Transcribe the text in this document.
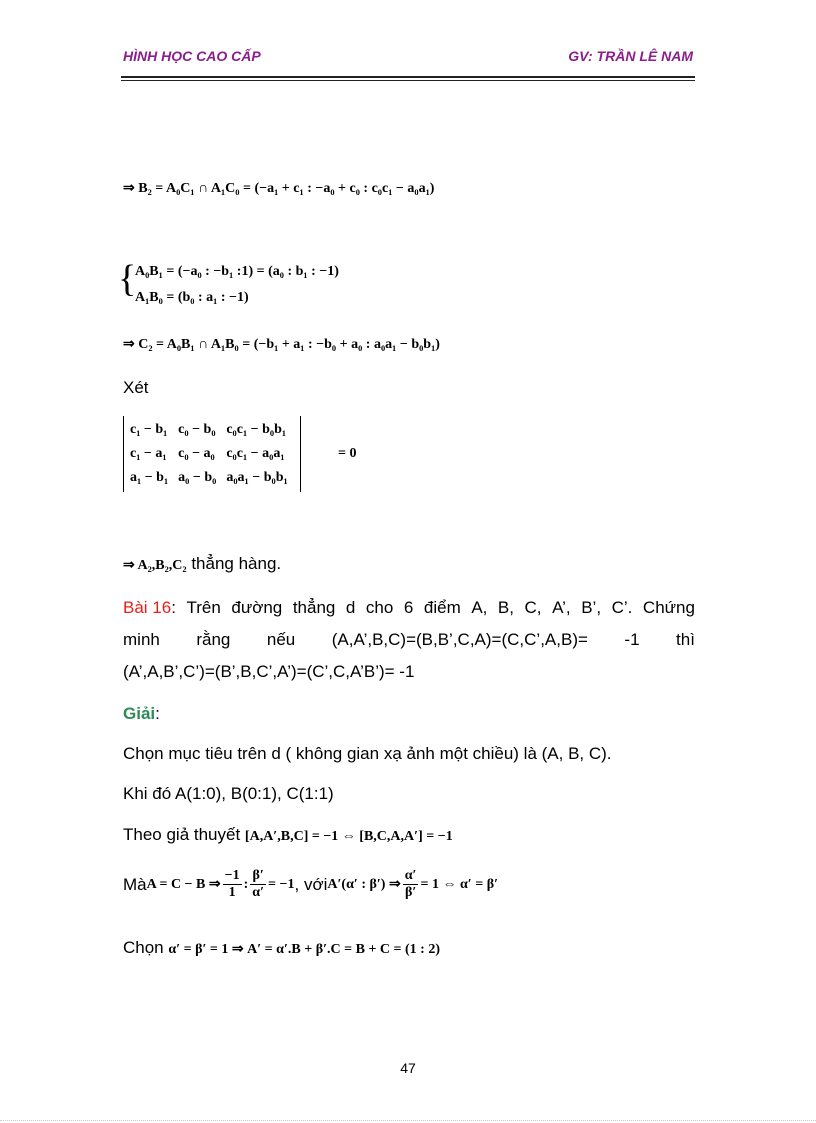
HÌNH HỌC CAO CẤP	GV: TRẦN LÊ NAM
⇒ B₂ = A₀C₁ ∩ A₁C₀ = (−a₁ + c₁ : −a₀ + c₀ : c₀c₁ − a₀a₁)
{
A₀B₁ = (−a₀ : −b₁ :1) = (a₀ : b₁ : −1)
A₁B₀ = (b₀ : a₁ : −1)
⇒ C₂ = A₀B₁ ∩ A₁B₀ = (−b₁ + a₁ : −b₀ + a₀ : a₀a₁ − b₀b₁)
Xét
c₁ − b₁	c₀ − b₀	c₀c₁ − b₀b₁
c₁ − a₁	c₀ − a₀	c₀c₁ − a₀a₁
a₁ − b₁	a₀ − b₀	a₀a₁ − b₀b₁
= 0
⇒ A₂,B₂,C₂ thẳng hàng.
Bài 16: Trên đường thẳng d cho 6 điểm A, B, C, A’, B’, C’. Chứng
minh rằng nếu (A,A’,B,C)=(B,B’,C,A)=(C,C’,A,B)= -1 thì
(A’,A,B’,C’)=(B’,B,C’,A’)=(C’,C,A’B’)= -1
Giải:
Chọn mục tiêu trên d ( không gian xạ ảnh một chiều) là (A, B, C).
Khi đó A(1:0), B(0:1), C(1:1)
Theo giả thuyết [A,A′,B,C] = −1 ⇔ [B,C,A,A′] = −1
Mà A = C − B ⇒ $\frac{-1}{1}$ : $\frac{\beta'}{\alpha'} = -1$ , với A′(α′ : β′) ⇒ $\frac{\alpha'}{\beta'} = 1$ ⇔ α′ = β′
Chọn α′ = β′ = 1 ⇒ A′ = α′.B + β′.C = B + C = (1 : 2)
47
